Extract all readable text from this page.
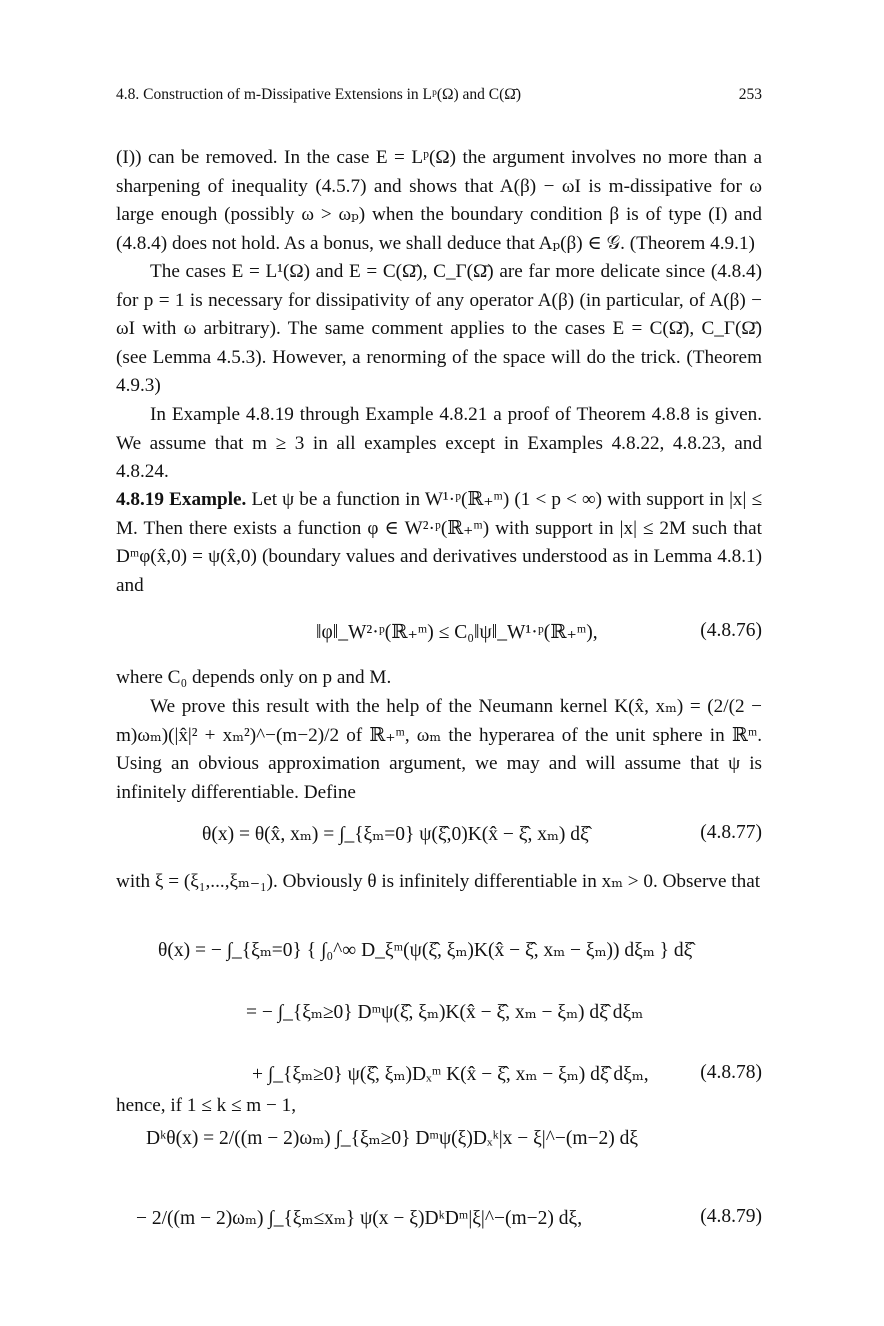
4.8. Construction of m-Dissipative Extensions in Lᵖ(Ω) and C(Ω̄)	253

(I)) can be removed. In the case E = Lᵖ(Ω) the argument involves no more than a sharpening of inequality (4.5.7) and shows that A(β) − ωI is m-dissipative for ω large enough (possibly ω > ωₚ) when the boundary condition β is of type (I) and (4.8.4) does not hold. As a bonus, we shall deduce that Aₚ(β) ∈ 𝒢. (Theorem 4.9.1)

The cases E = L¹(Ω) and E = C(Ω̄), C_Γ(Ω̄) are far more delicate since (4.8.4) for p = 1 is necessary for dissipativity of any operator A(β) (in particular, of A(β) − ωI with ω arbitrary). The same comment applies to the cases E = C(Ω̄), C_Γ(Ω̄) (see Lemma 4.5.3). However, a renorming of the space will do the trick. (Theorem 4.9.3)

In Example 4.8.19 through Example 4.8.21 a proof of Theorem 4.8.8 is given. We assume that m ≥ 3 in all examples except in Examples 4.8.22, 4.8.23, and 4.8.24.

4.8.19 Example. Let ψ be a function in W¹·ᵖ(ℝ₊ᵐ) (1 < p < ∞) with support in |x| ≤ M. Then there exists a function φ ∈ W²·ᵖ(ℝ₊ᵐ) with support in |x| ≤ 2M such that Dᵐφ(x̂,0) = ψ(x̂,0) (boundary values and derivatives understood as in Lemma 4.8.1) and

‖φ‖_W²·ᵖ(ℝ₊ᵐ) ≤ C₀‖ψ‖_W¹·ᵖ(ℝ₊ᵐ),	(4.8.76)

where C₀ depends only on p and M.

We prove this result with the help of the Neumann kernel K(x̂, xₘ) = (2/(2 − m)ωₘ)(|x̂|² + xₘ²)^−(m−2)/2 of ℝ₊ᵐ, ωₘ the hyperarea of the unit sphere in ℝᵐ. Using an obvious approximation argument, we may and will assume that ψ is infinitely differentiable. Define

θ(x) = θ(x̂, xₘ) = ∫_{ξₘ=0} ψ(ξ̂,0)K(x̂ − ξ̂, xₘ) dξ̂	(4.8.77)

with ξ = (ξ₁,...,ξₘ₋₁). Obviously θ is infinitely differentiable in xₘ > 0. Observe that

θ(x) = − ∫_{ξₘ=0} { ∫₀^∞ D_ξᵐ(ψ(ξ̂, ξₘ)K(x̂ − ξ̂, xₘ − ξₘ)) dξₘ } dξ̂
= − ∫_{ξₘ≥0} Dᵐψ(ξ̂, ξₘ)K(x̂ − ξ̂, xₘ − ξₘ) dξ̂ dξₘ
+ ∫_{ξₘ≥0} ψ(ξ̂, ξₘ)Dₓᵐ K(x̂ − ξ̂, xₘ − ξₘ) dξ̂ dξₘ,	(4.8.78)

hence, if 1 ≤ k ≤ m − 1,

Dᵏθ(x) = 2/((m − 2)ωₘ) ∫_{ξₘ≥0} Dᵐψ(ξ)Dₓᵏ|x − ξ|^−(m−2) dξ
− 2/((m − 2)ωₘ) ∫_{ξₘ≤xₘ} ψ(x − ξ)DᵏDᵐ|ξ|^−(m−2) dξ,	(4.8.79)
